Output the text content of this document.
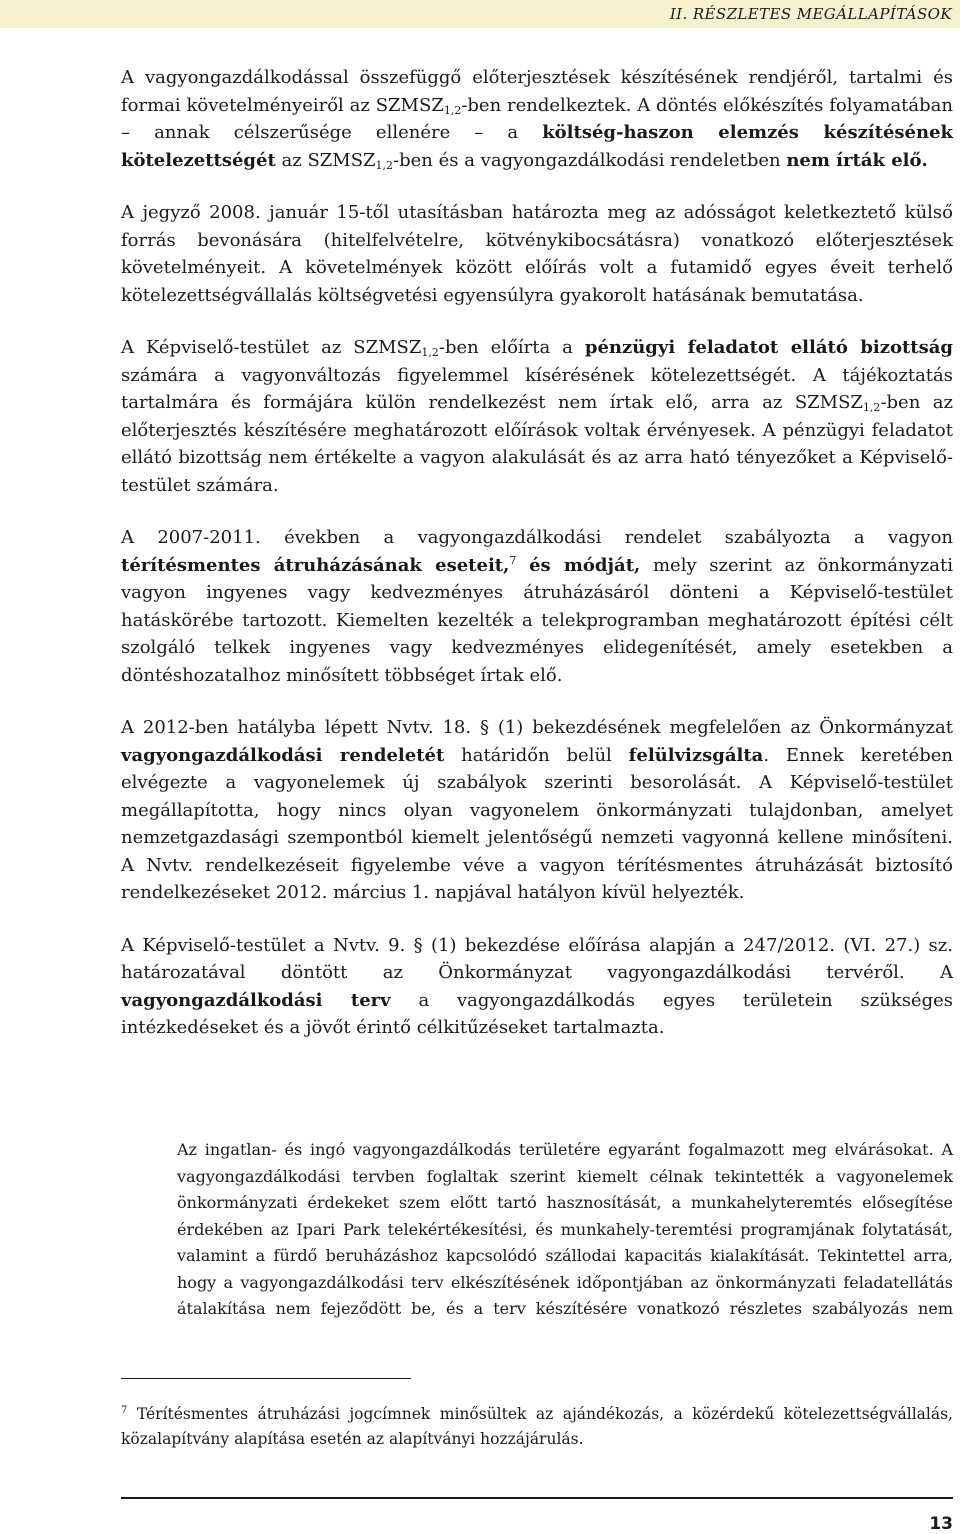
II. RÉSZLETES MEGÁLLAPÍTÁSOK

A vagyongazdálkodással összefüggő előterjesztések készítésének rendjéről, tartalmi és formai követelményeiről az $SZMSZ_{1,2}$-ben rendelkeztek. A döntés előkészítés folyamatában – annak célszerűsége ellenére – a költség-haszon elemzés készítésének kötelezettségét az $SZMSZ_{1,2}$-ben és a vagyongazdálkodási rendeletben nem írták elő.

A jegyző 2008. január 15-től utasításban határozta meg az adósságot keletkeztető külső forrás bevonására (hitelfelvételre, kötvénykibocsátásra) vonatkozó előterjesztések követelményeit. A követelmények között előírás volt a futamidő egyes éveit terhelő kötelezettségvállalás költségvetési egyensúlyra gyakorolt hatásának bemutatása.

A Képviselő-testület az $SZMSZ_{1,2}$-ben előírta a pénzügyi feladatot ellátó bizottság számára a vagyonváltozás figyelemmel kísérésének kötelezettségét. A tájékoztatás tartalmára és formájára külön rendelkezést nem írtak elő, arra az $SZMSZ_{1,2}$-ben az előterjesztés készítésére meghatározott előírások voltak érvényesek. A pénzügyi feladatot ellátó bizottság nem értékelte a vagyon alakulását és az arra ható tényezőket a Képviselő-testület számára.

A 2007-2011. években a vagyongazdálkodási rendelet szabályozta a vagyon térítésmentes átruházásának eseteit,$^7$ és módját, mely szerint az önkormányzati vagyon ingyenes vagy kedvezményes átruházásáról dönteni a Képviselő-testület hatáskörébe tartozott. Kiemelten kezelték a telekprogramban meghatározott építési célt szolgáló telkek ingyenes vagy kedvezményes elidegenítését, amely esetekben a döntéshozatalhoz minősített többséget írtak elő.

A 2012-ben hatályba lépett Nvtv. 18. § (1) bekezdésének megfelelően az Önkormányzat vagyongazdálkodási rendeletét határidőn belül felülvizsgálta. Ennek keretében elvégezte a vagyonelemek új szabályok szerinti besorolását. A Képviselő-testület megállapította, hogy nincs olyan vagyonelem önkormányzati tulajdonban, amelyet nemzetgazdasági szempontból kiemelt jelentőségű nemzeti vagyonná kellene minősíteni. A Nvtv. rendelkezéseit figyelembe véve a vagyon térítésmentes átruházását biztosító rendelkezéseket 2012. március 1. napjával hatályon kívül helyezték.

A Képviselő-testület a Nvtv. 9. § (1) bekezdése előírása alapján a 247/2012. (VI. 27.) sz. határozatával döntött az Önkormányzat vagyongazdálkodási tervéről. A vagyongazdálkodási terv a vagyongazdálkodás egyes területein szükséges intézkedéseket és a jövőt érintő célkitűzéseket tartalmazta.

Az ingatlan- és ingó vagyongazdálkodás területére egyaránt fogalmazott meg elvárásokat. A vagyongazdálkodási tervben foglaltak szerint kiemelt célnak tekintették a vagyonelemek önkormányzati érdekeket szem előtt tartó hasznosítását, a munkahelyteremtés elősegítése érdekében az Ipari Park telekértékesítési, és munkahely-teremtési programjának folytatását, valamint a fürdő beruházáshoz kapcsolódó szállodai kapacitás kialakítását. Tekintettel arra, hogy a vagyongazdálkodási terv elkészítésének időpontjában az önkormányzati feladatellátás átalakítása nem fejeződött be, és a terv készítésére vonatkozó részletes szabályozás nem
$^7$ Térítésmentes átruházási jogcímnek minősültek az ajándékozás, a közérdekű kötelezettségvállalás, közalapítvány alapítása esetén az alapítványi hozzájárulás.
13
